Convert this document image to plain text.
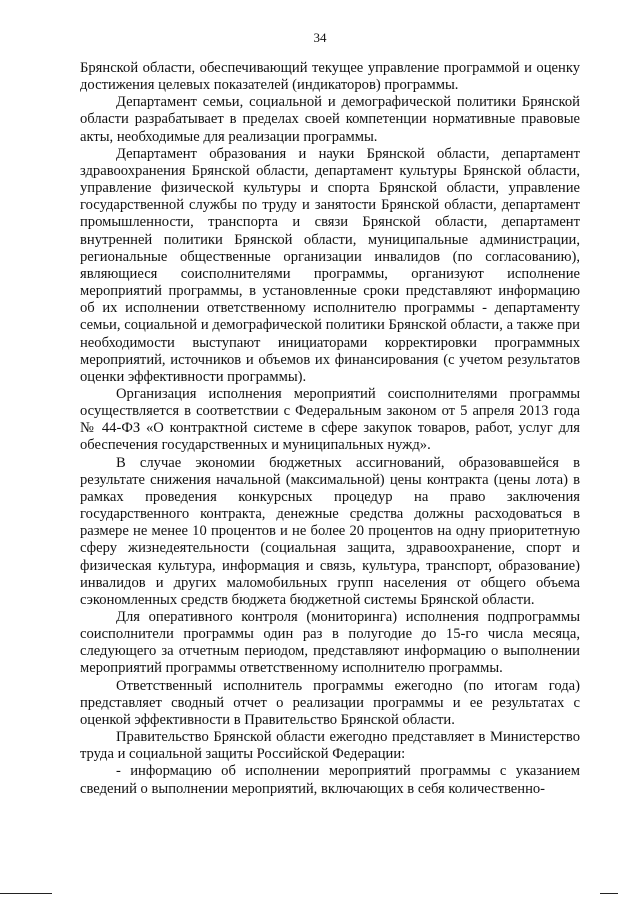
34

Брянской области, обеспечивающий текущее управление программой и оценку достижения целевых показателей (индикаторов) программы.

Департамент семьи, социальной и демографической политики Брянской области разрабатывает в пределах своей компетенции нормативные правовые акты, необходимые для реализации программы.

Департамент образования и науки Брянской области, департамент здравоохранения Брянской области, департамент культуры Брянской области, управление физической культуры и спорта Брянской области, управление государственной службы по труду и занятости Брянской области, департамент промышленности, транспорта и связи Брянской области, департамент внутренней политики Брянской области, муниципальные администрации, региональные общественные организации инвалидов (по согласованию), являющиеся соисполнителями программы, организуют исполнение мероприятий программы, в установленные сроки представляют информацию об их исполнении ответственному исполнителю программы - департаменту семьи, социальной и демографической политики Брянской области, а также при необходимости выступают инициаторами корректировки программных мероприятий, источников и объемов их финансирования (с учетом результатов оценки эффективности программы).

Организация исполнения мероприятий соисполнителями программы осуществляется в соответствии с Федеральным законом от 5 апреля 2013 года № 44-ФЗ «О контрактной системе в сфере закупок товаров, работ, услуг для обеспечения государственных и муниципальных нужд».

В случае экономии бюджетных ассигнований, образовавшейся в результате снижения начальной (максимальной) цены контракта (цены лота) в рамках проведения конкурсных процедур на право заключения государственного контракта, денежные средства должны расходоваться в размере не менее 10 процентов и не более 20 процентов на одну приоритетную сферу жизнедеятельности (социальная защита, здравоохранение, спорт и физическая культура, информация и связь, культура, транспорт, образование) инвалидов и других маломобильных групп населения от общего объема сэкономленных средств бюджета бюджетной системы Брянской области.

Для оперативного контроля (мониторинга) исполнения подпрограммы соисполнители программы один раз в полугодие до 15-го числа месяца, следующего за отчетным периодом, представляют информацию о выполнении мероприятий программы ответственному исполнителю программы.

Ответственный исполнитель программы ежегодно (по итогам года) представляет сводный отчет о реализации программы и ее результатах с оценкой эффективности в Правительство Брянской области.

Правительство Брянской области ежегодно представляет в Министерство труда и социальной защиты Российской Федерации:

- информацию об исполнении мероприятий программы с указанием сведений о выполнении мероприятий, включающих в себя количественно-
